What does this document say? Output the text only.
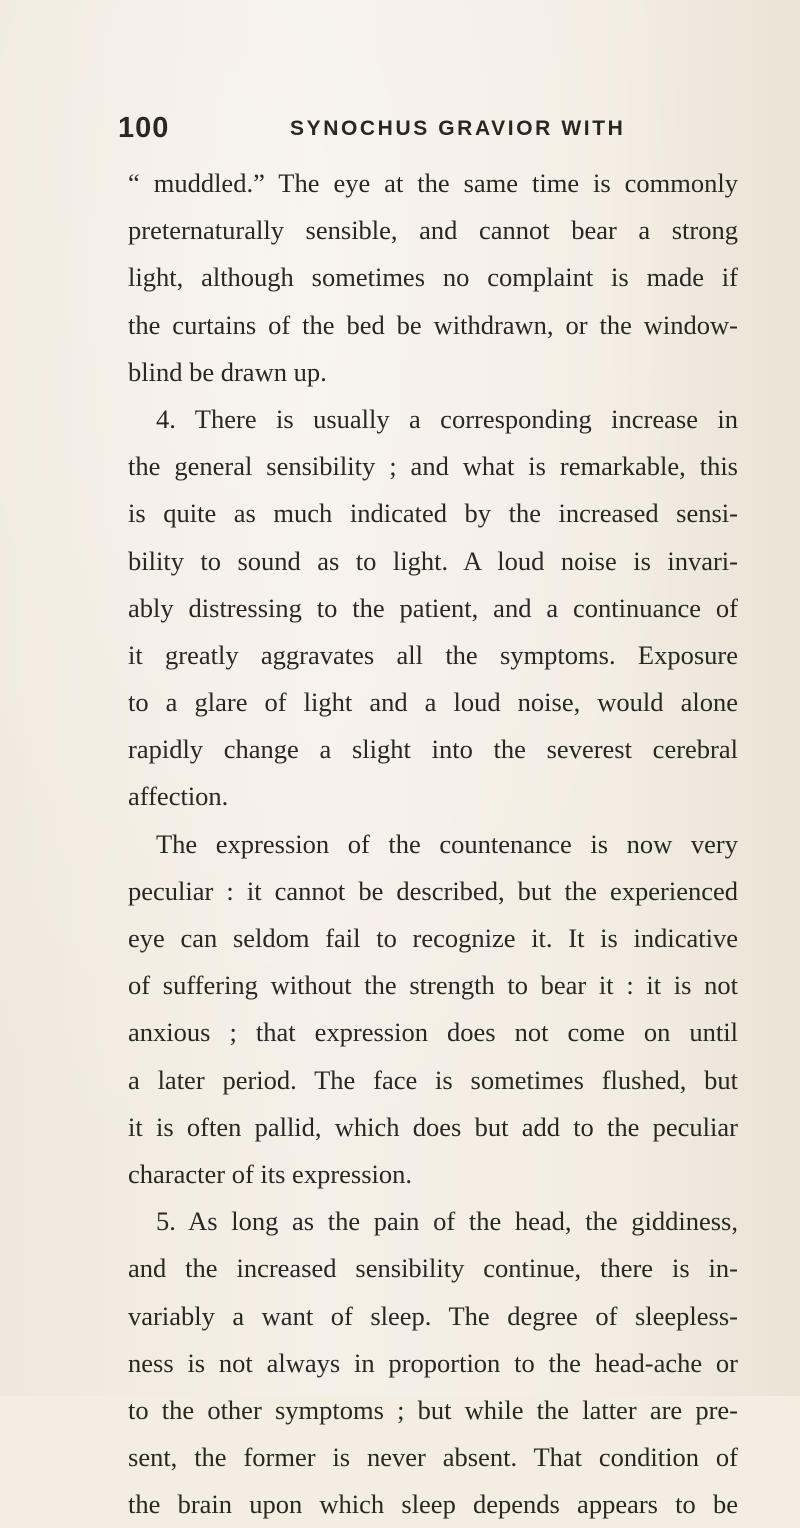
100	SYNOCHUS GRAVIOR WITH
“ muddled.” The eye at the same time is commonly
preternaturally sensible, and cannot bear a strong
light, although sometimes no complaint is made if
the curtains of the bed be withdrawn, or the window-
blind be drawn up.
4. There is usually a corresponding increase in
the general sensibility ; and what is remarkable, this
is quite as much indicated by the increased sensi-
bility to sound as to light. A loud noise is invari-
ably distressing to the patient, and a continuance of
it greatly aggravates all the symptoms. Exposure
to a glare of light and a loud noise, would alone
rapidly change a slight into the severest cerebral
affection.
The expression of the countenance is now very
peculiar : it cannot be described, but the experienced
eye can seldom fail to recognize it. It is indicative
of suffering without the strength to bear it : it is not
anxious ; that expression does not come on until
a later period. The face is sometimes flushed, but
it is often pallid, which does but add to the peculiar
character of its expression.
5. As long as the pain of the head, the giddiness,
and the increased sensibility continue, there is in-
variably a want of sleep. The degree of sleepless-
ness is not always in proportion to the head-ache or
to the other symptoms ; but while the latter are pre-
sent, the former is never absent. That condition of
the brain upon which sleep depends appears to be
